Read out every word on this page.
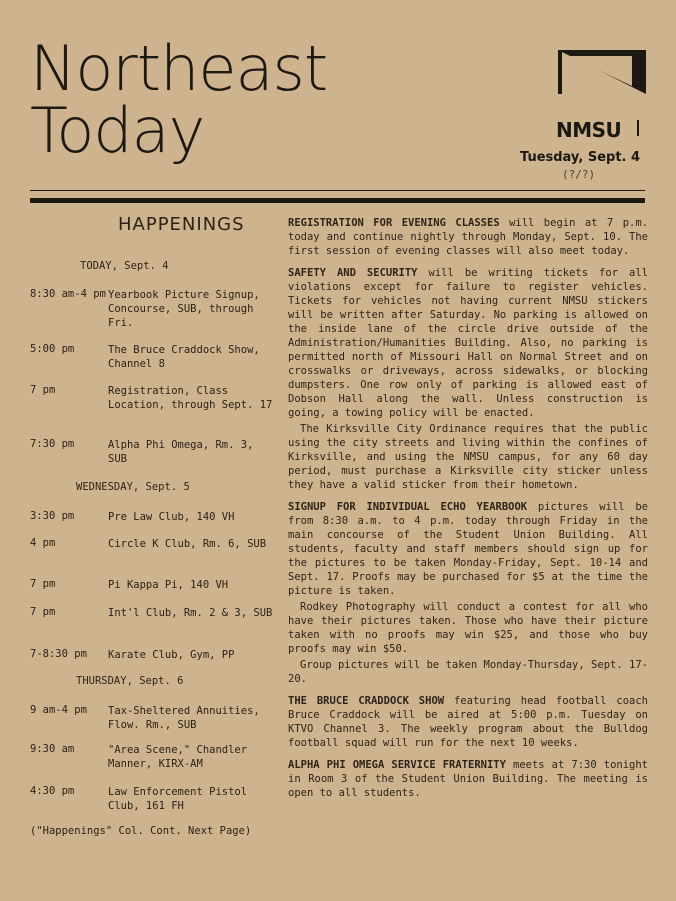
Northeast
Today	NMSU
Tuesday, Sept. 4
(?/?)
HAPPENINGS
TODAY, Sept. 4
8:30 am-4 pm Yearbook Picture Signup, Concourse, SUB, through Fri.
5:00 pm	The Bruce Craddock Show, Channel 8
7 pm	Registration, Class Location, through Sept. 17
7:30 pm	Alpha Phi Omega, Rm. 3, SUB
WEDNESDAY, Sept. 5
3:30 pm	Pre Law Club, 140 VH
4 pm	Circle K Club, Rm. 6, SUB
7 pm	Pi Kappa Pi, 140 VH
7 pm	Int'l Club, Rm. 2 & 3, SUB
7-8:30 pm Karate Club, Gym, PP
THURSDAY, Sept. 6
9 am-4 pm Tax-Sheltered Annuities, Flow. Rm., SUB
9:30 am	"Area Scene," Chandler Manner, KIRX-AM
4:30 pm	Law Enforcement Pistol Club, 161 FH
("Happenings" Col. Cont. Next Page)

REGISTRATION FOR EVENING CLASSES will begin at 7 p.m. today and continue nightly through Monday, Sept. 10. The first session of evening classes will also meet today.

SAFETY AND SECURITY will be writing tickets for all violations except for failure to register vehicles. Tickets for vehicles not having current NMSU stickers will be written after Saturday. No parking is allowed on the inside lane of the circle drive outside of the Administration/Humanities Building. Also, no parking is permitted north of Missouri Hall on Normal Street and on crosswalks or driveways, across sidewalks, or blocking dumpsters. One row only of parking is allowed east of Dobson Hall along the wall. Unless construction is going, a towing policy will be enacted.

The Kirksville City Ordinance requires that the public using the city streets and living within the confines of Kirksville, and using the NMSU campus, for any 60 day period, must purchase a Kirksville city sticker unless they have a valid sticker from their hometown.

SIGNUP FOR INDIVIDUAL ECHO YEARBOOK pictures will be from 8:30 a.m. to 4 p.m. today through Friday in the main concourse of the Student Union Building. All students, faculty and staff members should sign up for the pictures to be taken Monday-Friday, Sept. 10-14 and Sept. 17. Proofs may be purchased for $5 at the time the picture is taken.

Rodkey Photography will conduct a contest for all who have their pictures taken. Those who have their picture taken with no proofs may win $25, and those who buy proofs may win $50.

Group pictures will be taken Monday-Thursday, Sept. 17-20.

THE BRUCE CRADDOCK SHOW featuring head football coach Bruce Craddock will be aired at 5:00 p.m. Tuesday on KTVO Channel 3. The weekly program about the Bulldog football squad will run for the next 10 weeks.

ALPHA PHI OMEGA SERVICE FRATERNITY meets at 7:30 tonight in Room 3 of the Student Union Building. The meeting is open to all students.
